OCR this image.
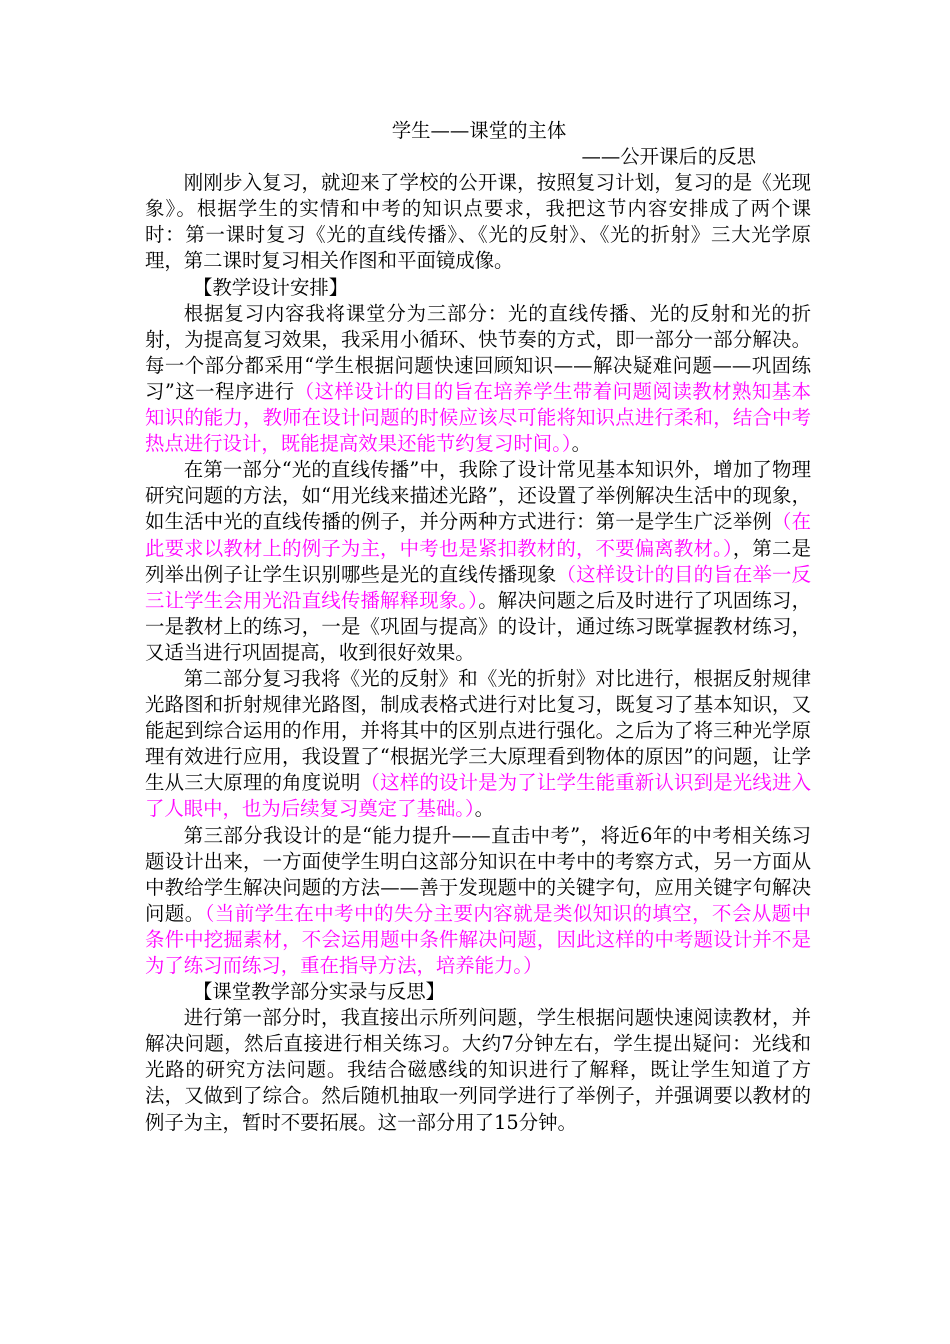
学生——课堂的主体
——公开课后的反思

刚刚步入复习，就迎来了学校的公开课，按照复习计划，复习的是《光现象》。根据学生的实情和中考的知识点要求，我把这节内容安排成了两个课时：第一课时复习《光的直线传播》、《光的反射》、《光的折射》三大光学原理，第二课时复习相关作图和平面镜成像。

【教学设计安排】

根据复习内容我将课堂分为三部分：光的直线传播、光的反射和光的折射，为提高复习效果，我采用小循环、快节奏的方式，即一部分一部分解决。每一个部分都采用“学生根据问题快速回顾知识——解决疑难问题——巩固练习”这一程序进行（这样设计的目的旨在培养学生带着问题阅读教材熟知基本知识的能力，教师在设计问题的时候应该尽可能将知识点进行柔和，结合中考热点进行设计，既能提高效果还能节约复习时间。）。

在第一部分“光的直线传播”中，我除了设计常见基本知识外，增加了物理研究问题的方法，如“用光线来描述光路”，还设置了举例解决生活中的现象，如生活中光的直线传播的例子，并分两种方式进行：第一是学生广泛举例（在此要求以教材上的例子为主，中考也是紧扣教材的，不要偏离教材。），第二是列举出例子让学生识别哪些是光的直线传播现象（这样设计的目的旨在举一反三让学生会用光沿直线传播解释现象。）。解决问题之后及时进行了巩固练习，一是教材上的练习，一是《巩固与提高》的设计，通过练习既掌握教材练习，又适当进行巩固提高，收到很好效果。

第二部分复习我将《光的反射》和《光的折射》对比进行，根据反射规律光路图和折射规律光路图，制成表格式进行对比复习，既复习了基本知识，又能起到综合运用的作用，并将其中的区别点进行强化。之后为了将三种光学原理有效进行应用，我设置了“根据光学三大原理看到物体的原因”的问题，让学生从三大原理的角度说明（这样的设计是为了让学生能重新认识到是光线进入了人眼中，也为后续复习奠定了基础。）。

第三部分我设计的是“能力提升——直击中考”，将近6年的中考相关练习题设计出来，一方面使学生明白这部分知识在中考中的考察方式，另一方面从中教给学生解决问题的方法——善于发现题中的关键字句，应用关键字句解决问题。（当前学生在中考中的失分主要内容就是类似知识的填空，不会从题中条件中挖掘素材，不会运用题中条件解决问题，因此这样的中考题设计并不是为了练习而练习，重在指导方法，培养能力。）

【课堂教学部分实录与反思】

进行第一部分时，我直接出示所列问题，学生根据问题快速阅读教材，并解决问题，然后直接进行相关练习。大约7分钟左右，学生提出疑问：光线和光路的研究方法问题。我结合磁感线的知识进行了解释，既让学生知道了方法，又做到了综合。然后随机抽取一列同学进行了举例子，并强调要以教材的例子为主，暂时不要拓展。这一部分用了15分钟。
